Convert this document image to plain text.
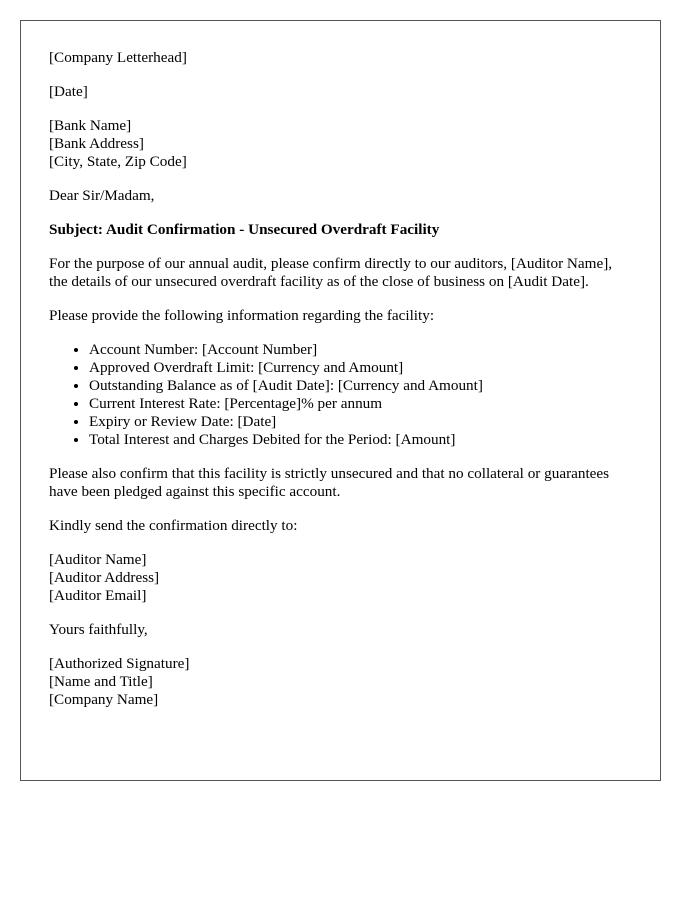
[Company Letterhead]

[Date]

[Bank Name]
[Bank Address]
[City, State, Zip Code]

Dear Sir/Madam,

Subject: Audit Confirmation - Unsecured Overdraft Facility

For the purpose of our annual audit, please confirm directly to our auditors, [Auditor Name], the details of our unsecured overdraft facility as of the close of business on [Audit Date].

Please provide the following information regarding the facility:

• Account Number: [Account Number]
• Approved Overdraft Limit: [Currency and Amount]
• Outstanding Balance as of [Audit Date]: [Currency and Amount]
• Current Interest Rate: [Percentage]% per annum
• Expiry or Review Date: [Date]
• Total Interest and Charges Debited for the Period: [Amount]

Please also confirm that this facility is strictly unsecured and that no collateral or guarantees have been pledged against this specific account.

Kindly send the confirmation directly to:

[Auditor Name]
[Auditor Address]
[Auditor Email]

Yours faithfully,

[Authorized Signature]
[Name and Title]
[Company Name]
